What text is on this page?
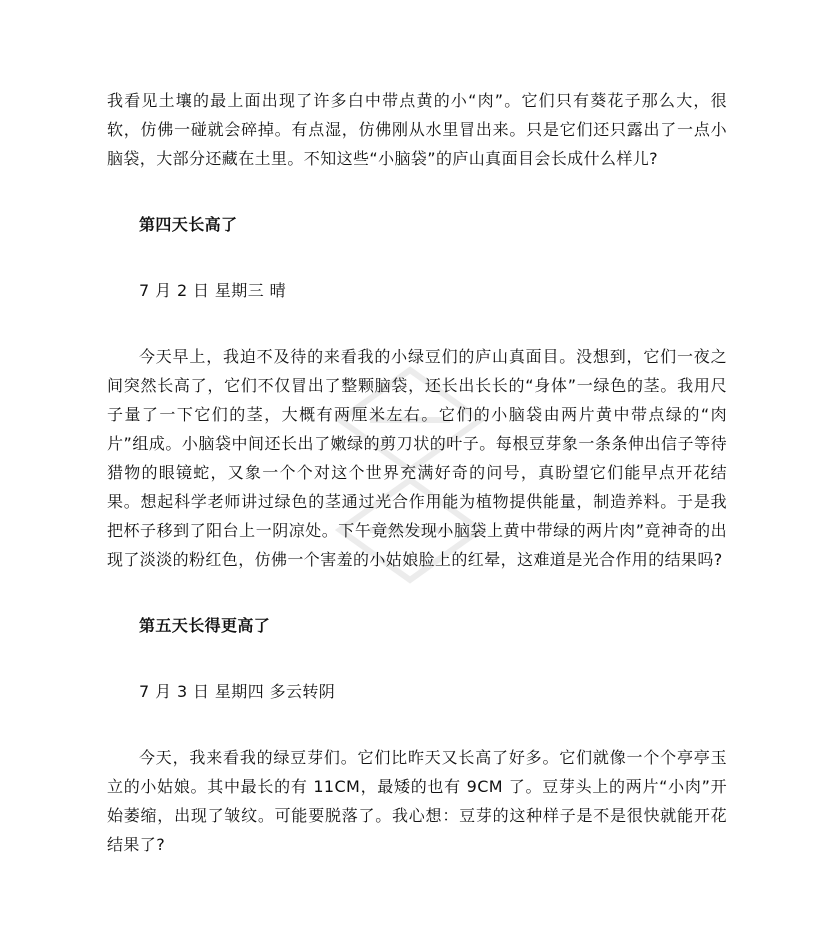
我看见土壤的最上面出现了许多白中带点黄的小“肉”。它们只有葵花子那么大，很软，仿佛一碰就会碎掉。有点湿，仿佛刚从水里冒出来。只是它们还只露出了一点小脑袋，大部分还藏在土里。不知这些“小脑袋”的庐山真面目会长成什么样儿?

第四天长高了

7 月 2 日 星期三 晴

今天早上，我迫不及待的来看我的小绿豆们的庐山真面目。没想到，它们一夜之间突然长高了，它们不仅冒出了整颗脑袋，还长出长长的“身体”一绿色的茎。我用尺子量了一下它们的茎，大概有两厘米左右。它们的小脑袋由两片黄中带点绿的“肉片”组成。小脑袋中间还长出了嫩绿的剪刀状的叶子。每根豆芽象一条条伸出信子等待猎物的眼镜蛇，又象一个个对这个世界充满好奇的问号，真盼望它们能早点开花结果。想起科学老师讲过绿色的茎通过光合作用能为植物提供能量，制造养料。于是我把杯子移到了阳台上一阴凉处。下午竟然发现小脑袋上黄中带绿的两片肉”竟神奇的出现了淡淡的粉红色，仿佛一个害羞的小姑娘脸上的红晕，这难道是光合作用的结果吗?

第五天长得更高了

7 月 3 日 星期四 多云转阴

今天，我来看我的绿豆芽们。它们比昨天又长高了好多。它们就像一个个亭亭玉立的小姑娘。其中最长的有 11CM，最矮的也有 9CM 了。豆芽头上的两片“小肉”开始萎缩，出现了皱纹。可能要脱落了。我心想：豆芽的这种样子是不是很快就能开花结果了?
